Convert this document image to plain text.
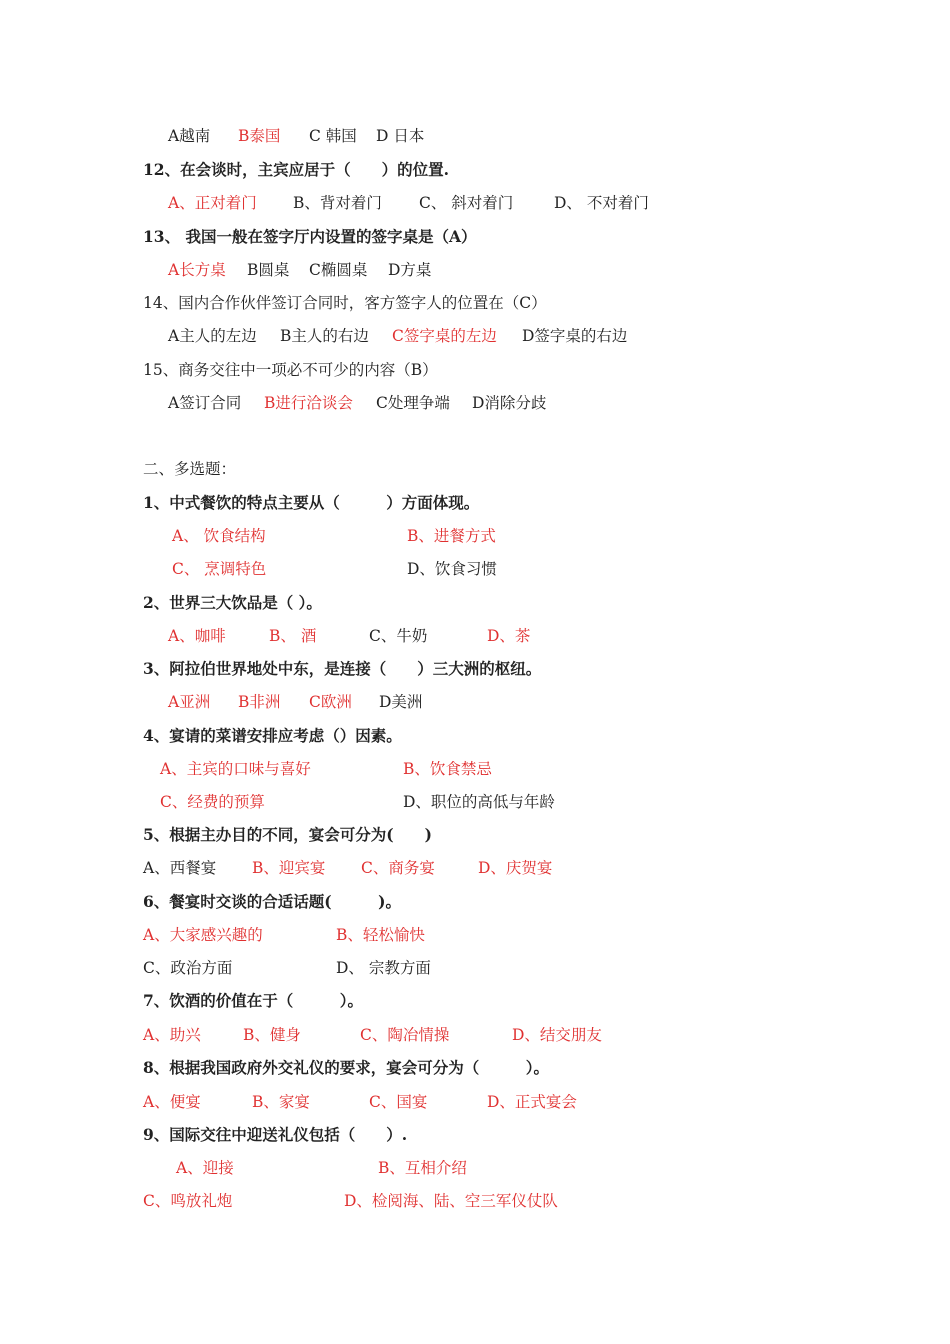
A越南 B泰国 C 韩国 D 日本
12、在会谈时，主宾应居于（　　）的位置.
A、正对着门 B、背对着门 C、 斜对着门	D、 不对着门
13、 我国一般在签字厅内设置的签字桌是（A）
A长方桌 B圆桌 C椭圆桌 D方桌
14、国内合作伙伴签订合同时，客方签字人的位置在（C）
A主人的左边 B主人的右边 C签字桌的左边 D签字桌的右边
15、商务交往中一项必不可少的内容（B）
A签订合同 B进行洽谈会 C处理争端 D消除分歧
二、多选题：
1、中式餐饮的特点主要从（　　　）方面体现。
A、 饮食结构	B、进餐方式
C、 烹调特色	D、饮食习惯
2、世界三大饮品是（ ）。
A、咖啡	B、 酒	C、牛奶	D、茶
3、阿拉伯世界地处中东，是连接（　　）三大洲的枢纽。
A亚洲 B非洲 C欧洲 D美洲
4、宴请的菜谱安排应考虑（）因素。
A、主宾的口味与喜好	B、饮食禁忌
C、经费的预算	D、职位的高低与年龄
5、根据主办目的不同，宴会可分为(　　)
A、西餐宴 B、迎宾宴 C、商务宴	D、庆贺宴
6、餐宴时交谈的合适话题(　　　)。
A、大家感兴趣的	B、轻松愉快
C、政治方面	D、 宗教方面
7、饮酒的价值在于（　　　）。
A、助兴	B、健身	C、陶冶情操	D、结交朋友
8、根据我国政府外交礼仪的要求，宴会可分为（　　　）。
A、便宴	B、家宴	C、国宴	D、正式宴会
9、国际交往中迎送礼仪包括（　　）.
A、迎接	B、互相介绍
C、鸣放礼炮	D、检阅海、陆、空三军仪仗队
